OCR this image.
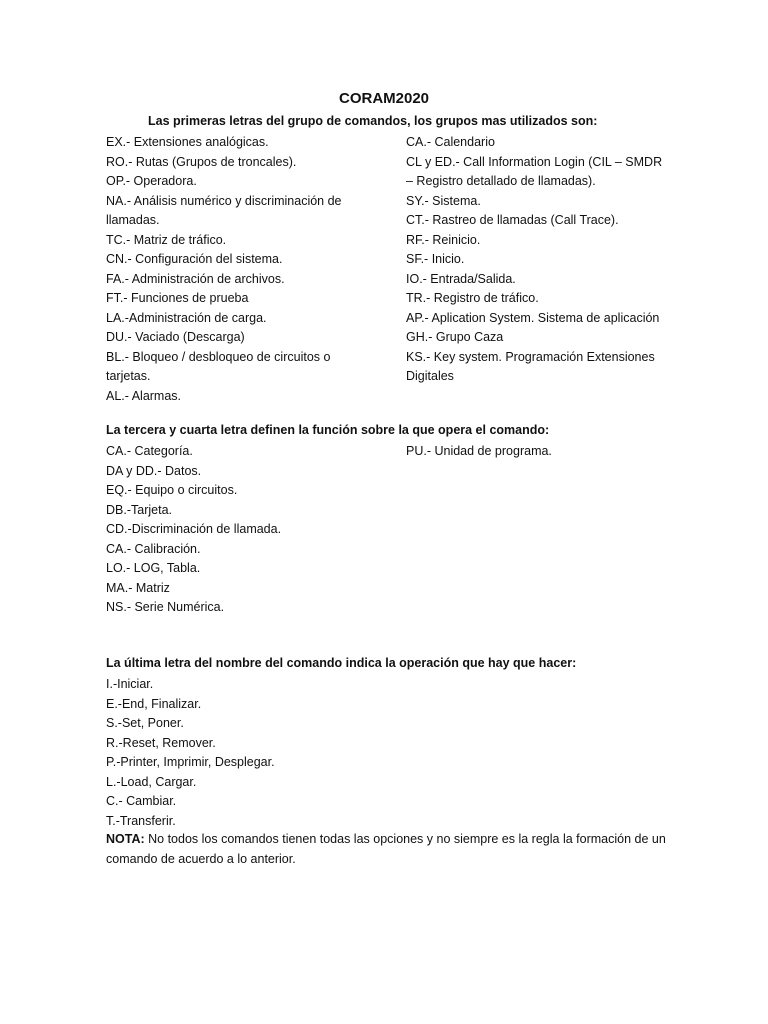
CORAM2020
Las primeras letras del grupo de comandos, los grupos mas utilizados son:
EX.- Extensiones analógicas.
RO.- Rutas (Grupos de troncales).
OP.- Operadora.
NA.- Análisis numérico y discriminación de
llamadas.
TC.- Matriz de tráfico.
CN.- Configuración del sistema.
FA.- Administración de archivos.
FT.- Funciones de prueba
LA.-Administración de carga.
DU.- Vaciado (Descarga)
BL.- Bloqueo / desbloqueo de circuitos o
tarjetas.
AL.- Alarmas.
CA.- Calendario
CL y ED.- Call Information Login (CIL – SMDR
– Registro detallado de llamadas).
SY.- Sistema.
CT.- Rastreo de llamadas (Call Trace).
RF.- Reinicio.
SF.- Inicio.
IO.- Entrada/Salida.
TR.- Registro de tráfico.
AP.- Aplication System. Sistema de aplicación
GH.- Grupo Caza
KS.- Key system. Programación Extensiones
Digitales
La tercera y cuarta letra definen la función sobre la que opera el comando:
CA.- Categoría.
DA y DD.- Datos.
EQ.- Equipo o circuitos.
DB.-Tarjeta.
CD.-Discriminación de llamada.
CA.- Calibración.
LO.- LOG, Tabla.
MA.- Matriz
NS.- Serie Numérica.
PU.- Unidad de programa.
La última letra del nombre del comando indica la operación que hay que hacer:
I.-Iniciar.
E.-End, Finalizar.
S.-Set, Poner.
R.-Reset, Remover.
P.-Printer, Imprimir, Desplegar.
L.-Load, Cargar.
C.- Cambiar.
T.-Transferir.
NOTA: No todos los comandos tienen todas las opciones y no siempre es la regla la formación de un comando de acuerdo a lo anterior.
